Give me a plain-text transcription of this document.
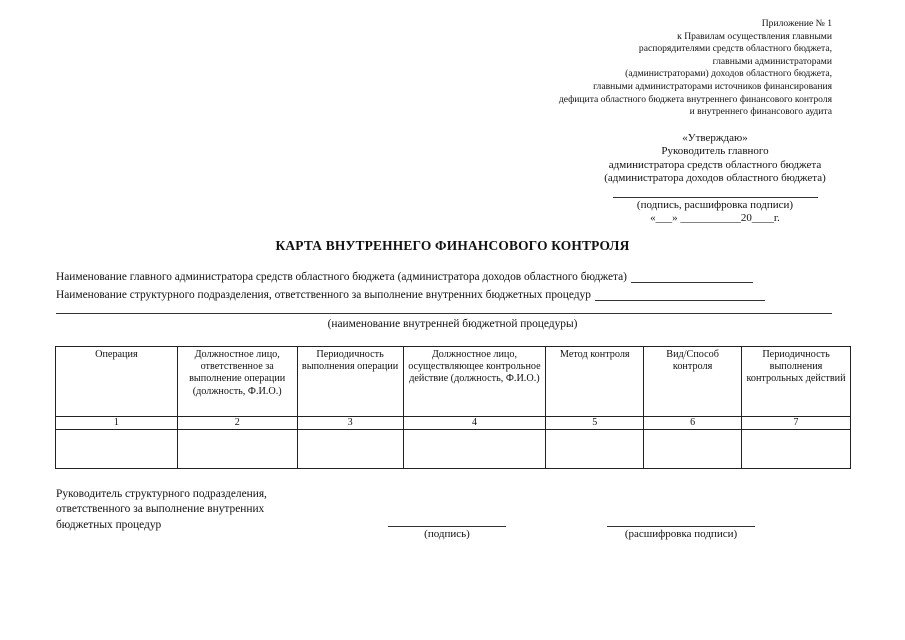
Приложение № 1
к Правилам осуществления главными
распорядителями средств областного бюджета,
главными администраторами
(администраторами) доходов областного бюджета,
главными администраторами источников финансирования
дефицита областного бюджета внутреннего финансового контроля
и внутреннего финансового аудита
«Утверждаю»
Руководитель главного
администратора средств областного бюджета
(администратора доходов областного бюджета)
(подпись, расшифровка подписи)
«___» ___________20____г.
КАРТА ВНУТРЕННЕГО ФИНАНСОВОГО КОНТРОЛЯ
Наименование главного администратора средств областного бюджета (администратора доходов областного бюджета)
Наименование структурного подразделения, ответственного за выполнение внутренних бюджетных процедур
(наименование внутренней бюджетной процедуры)
Операция	Должностное лицо, ответственное за выполнение операции (должность, Ф.И.О.)	Периодичность выполнения операции	Должностное лицо, осуществляющее контрольное действие (должность, Ф.И.О.)	Метод контроля	Вид/Способ контроля	Периодичность выполнения контрольных действий
1	2	3	4	5	6	7

Руководитель структурного подразделения,
ответственного за выполнение внутренних
бюджетных процедур
(подпись)	(расшифровка подписи)
